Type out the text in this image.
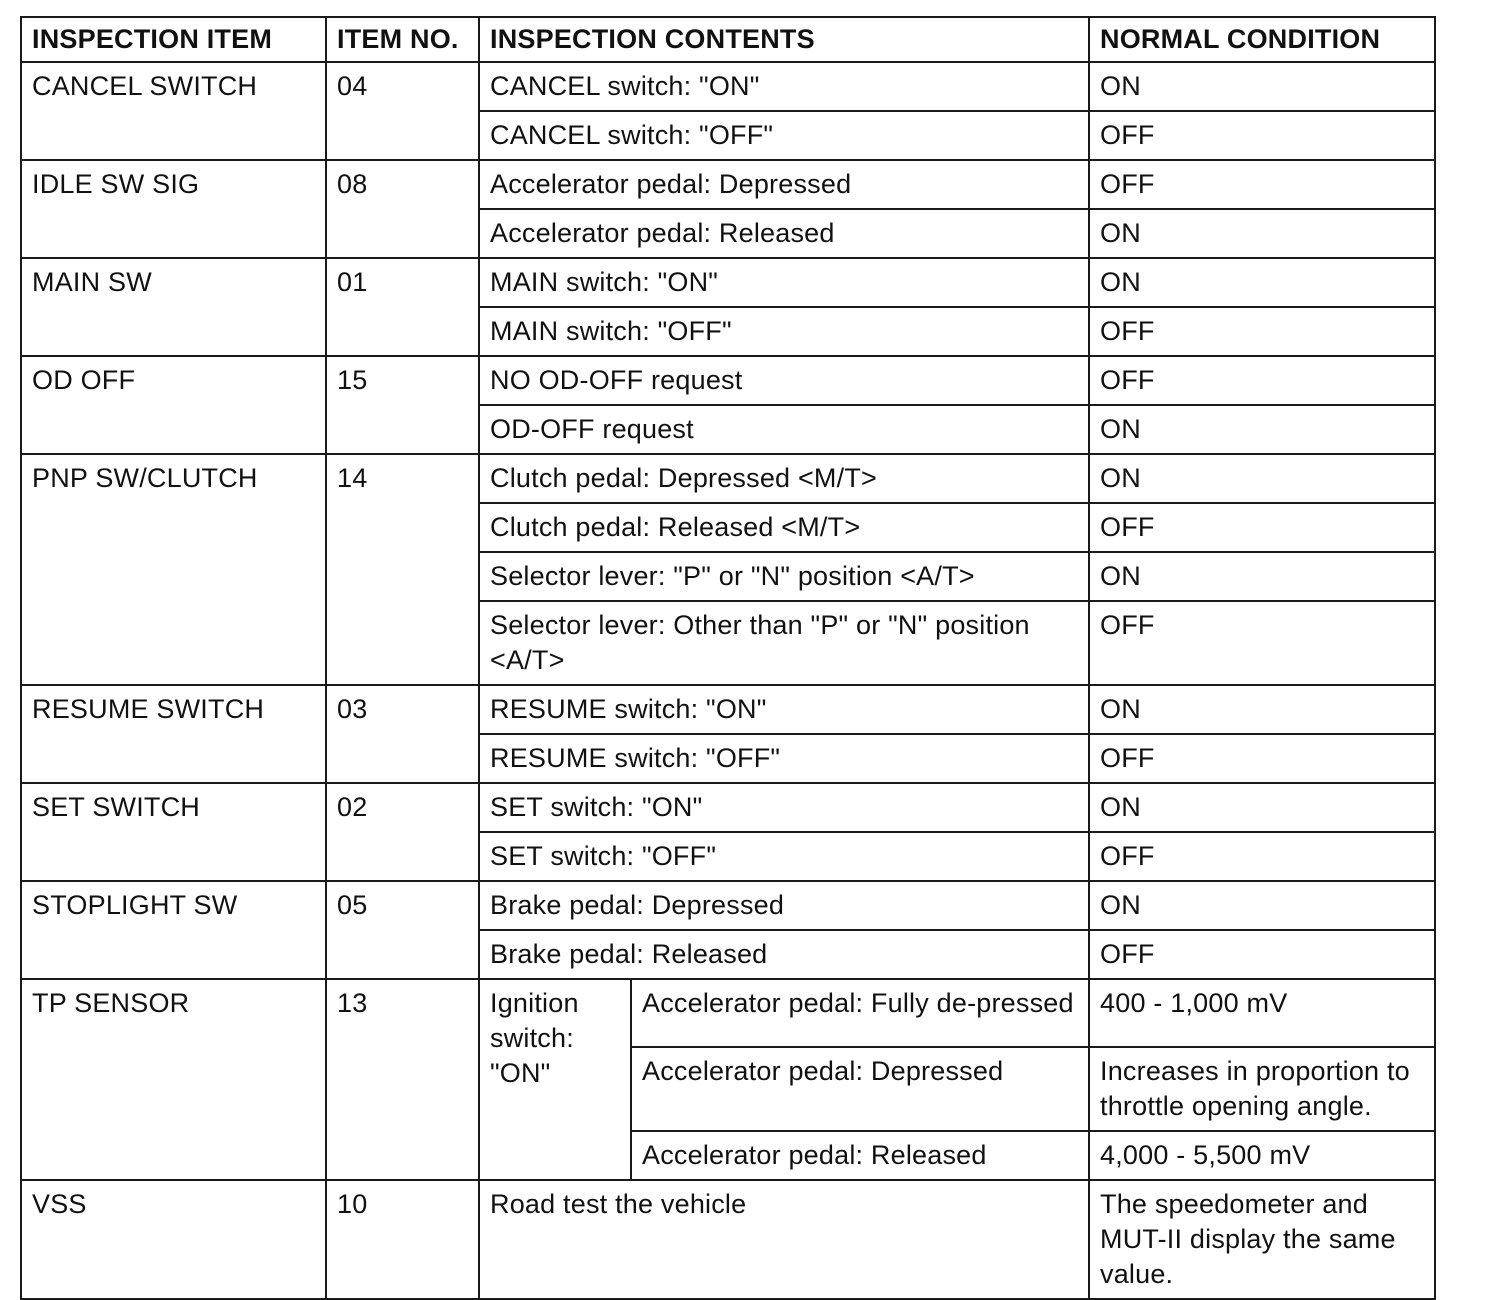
INSPECTION ITEM	ITEM NO.	INSPECTION CONTENTS		NORMAL CONDITION
CANCEL SWITCH	04	CANCEL switch: "ON"		ON
		CANCEL switch: "OFF"		OFF
IDLE SW SIG	08	Accelerator pedal: Depressed		OFF
		Accelerator pedal: Released		ON
MAIN SW	01	MAIN switch: "ON"		ON
		MAIN switch: "OFF"		OFF
OD OFF	15	NO OD-OFF request		OFF
		OD-OFF request		ON
PNP SW/CLUTCH	14	Clutch pedal: Depressed <M/T>		ON
		Clutch pedal: Released <M/T>		OFF
		Selector lever: "P" or "N" position <A/T>		ON
		Selector lever: Other than "P" or "N" position <A/T>		OFF
RESUME SWITCH	03	RESUME switch: "ON"		ON
		RESUME switch: "OFF"		OFF
SET SWITCH	02	SET switch: "ON"		ON
		SET switch: "OFF"		OFF
STOPLIGHT SW	05	Brake pedal: Depressed		ON
		Brake pedal: Released		OFF
TP SENSOR	13	Ignition switch: "ON"	Accelerator pedal: Fully de-pressed	400 - 1,000 mV
			Accelerator pedal: Depressed	Increases in proportion to throttle opening angle.
			Accelerator pedal: Released	4,000 - 5,500 mV
VSS	10	Road test the vehicle		The speedometer and MUT-II display the same value.
